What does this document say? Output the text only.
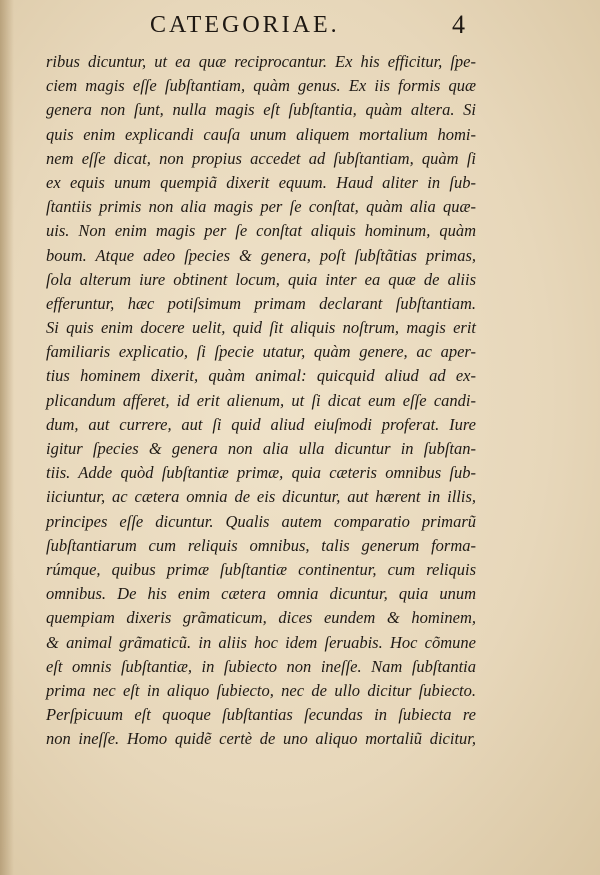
CATEGORIAE.	4
ribus dicuntur, ut ea quæ reciprocantur. Ex his efficitur, ſpe-
ciem magis eſſe ſubſtantiam, quàm genus. Ex iis formis quæ
genera non ſunt, nulla magis eſt ſubſtantia, quàm altera. Si
quis enim explicandi cauſa unum aliquem mortalium homi-
nem eſſe dicat, non propius accedet ad ſubſtantiam, quàm ſi
ex equis unum quempiã dixerit equum. Haud aliter in ſub-
ſtantiis primis non alia magis per ſe conſtat, quàm alia quæ-
uis. Non enim magis per ſe conſtat aliquis hominum, quàm
boum. Atque adeo ſpecies & genera, poſt ſubſtãtias primas,
ſola alterum iure obtinent locum, quia inter ea quæ de aliis
efferuntur, hæc potiſsimum primam declarant ſubſtantiam.
Si quis enim docere uelit, quid ſit aliquis noſtrum, magis erit
familiaris explicatio, ſi ſpecie utatur, quàm genere, ac aper-
tius hominem dixerit, quàm animal: quicquid aliud ad ex-
plicandum afferet, id erit alienum, ut ſi dicat eum eſſe candi-
dum, aut currere, aut ſi quid aliud eiuſmodi proferat. Iure
igitur ſpecies & genera non alia ulla dicuntur in ſubſtan-
tiis. Adde quòd ſubſtantiæ primæ, quia cæteris omnibus ſub-
iiciuntur, ac cætera omnia de eis dicuntur, aut hærent in illis,
principes eſſe dicuntur. Qualis autem comparatio primarũ
ſubſtantiarum cum reliquis omnibus, talis generum forma-
rúmque, quibus primæ ſubſtantiæ continentur, cum reliquis
omnibus. De his enim cætera omnia dicuntur, quia unum
quempiam dixeris grãmaticum, dices eundem & hominem,
& animal grãmaticũ. in aliis hoc idem ſeruabis. Hoc cõmune
eſt omnis ſubſtantiæ, in ſubiecto non ineſſe. Nam ſubſtantia
prima nec eſt in aliquo ſubiecto, nec de ullo dicitur ſubiecto.
Perſpicuum eſt quoque ſubſtantias ſecundas in ſubiecta re
non ineſſe. Homo quidẽ certè de uno aliquo mortaliũ dicitur,
